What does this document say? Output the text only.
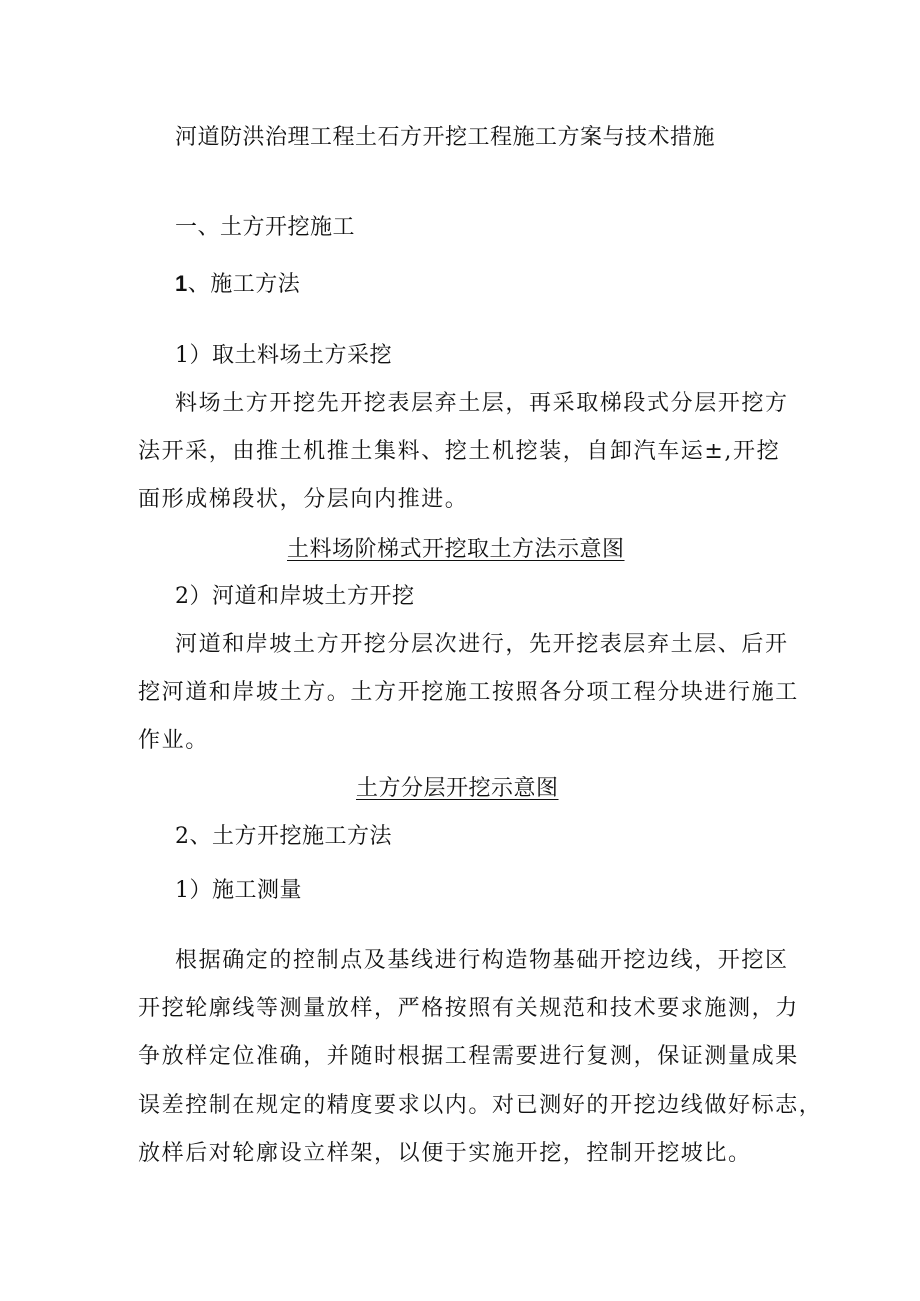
河道防洪治理工程土石方开挖工程施工方案与技术措施
一、土方开挖施工
1、施工方法
1）取土料场土方采挖
料场土方开挖先开挖表层弃土层，再采取梯段式分层开挖方
法开采，由推土机推土集料、挖土机挖装，自卸汽车运±,开挖
面形成梯段状，分层向内推进。
土料场阶梯式开挖取土方法示意图
2）河道和岸坡土方开挖
河道和岸坡土方开挖分层次进行，先开挖表层弃土层、后开
挖河道和岸坡土方。土方开挖施工按照各分项工程分块进行施工
作业。
土方分层开挖示意图
2、土方开挖施工方法
1）施工测量
根据确定的控制点及基线进行构造物基础开挖边线，开挖区
开挖轮廓线等测量放样，严格按照有关规范和技术要求施测，力
争放样定位准确，并随时根据工程需要进行复测，保证测量成果
误差控制在规定的精度要求以内。对已测好的开挖边线做好标志，
放样后对轮廓设立样架，以便于实施开挖，控制开挖坡比。
